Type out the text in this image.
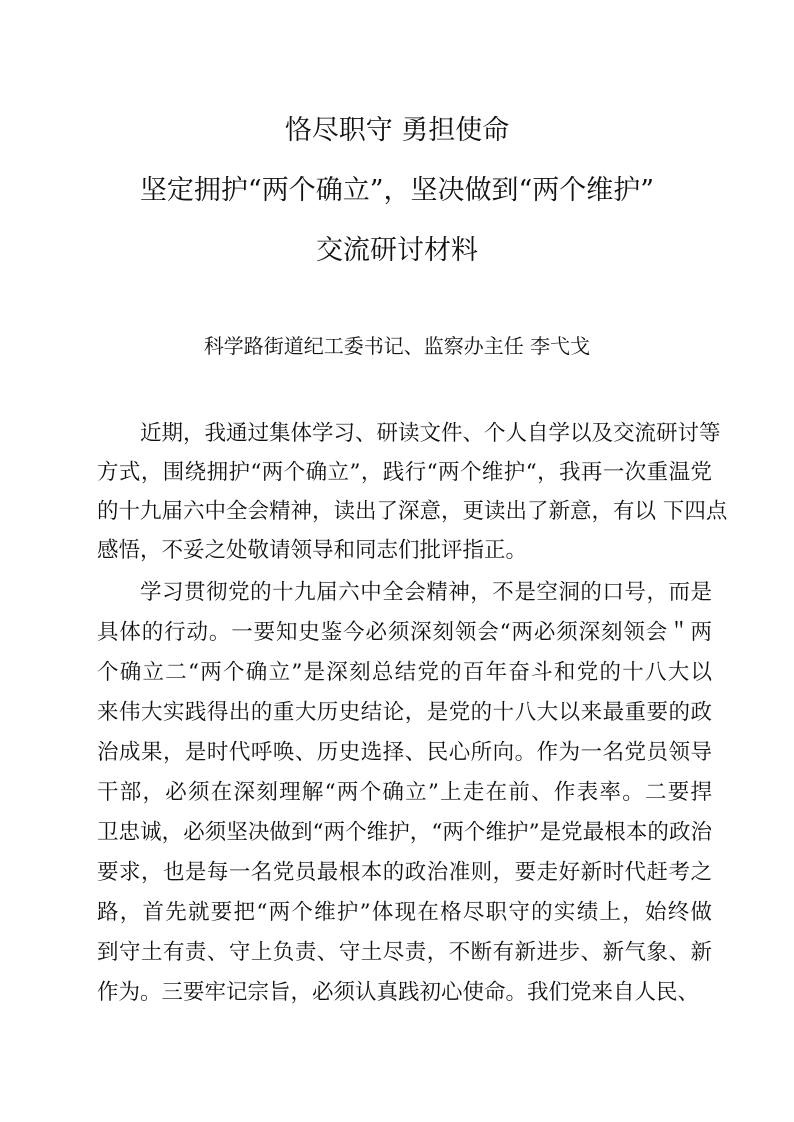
恪尽职守 勇担使命
坚定拥护“两个确立”，坚决做到“两个维护”
交流研讨材料
科学路街道纪工委书记、监察办主任 李弋戈
近期，我通过集体学习、研读文件、个人自学以及交流研讨等
方式，围绕拥护“两个确立”，践行“两个维护“，我再一次重温党
的十九届六中全会精神，读出了深意，更读出了新意，有以 下四点
感悟，不妥之处敬请领导和同志们批评指正。
学习贯彻党的十九届六中全会精神，不是空洞的口号，而是
具体的行动。一要知史鉴今必须深刻领会“两必须深刻领会＂两
个确立二“两个确立”是深刻总结党的百年奋斗和党的十八大以
来伟大实践得出的重大历史结论，是党的十八大以来最重要的政
治成果，是时代呼唤、历史选择、民心所向。作为一名党员领导
干部，必须在深刻理解“两个确立”上走在前、作表率。二要捍
卫忠诚，必须坚决做到“两个维护，“两个维护”是党最根本的政治
要求，也是每一名党员最根本的政治准则，要走好新时代赶考之
路，首先就要把“两个维护”体现在格尽职守的实绩上，始终做
到守土有责、守上负责、守土尽责，不断有新进步、新气象、新
作为。三要牢记宗旨，必须认真践初心使命。我们党来自人民、
